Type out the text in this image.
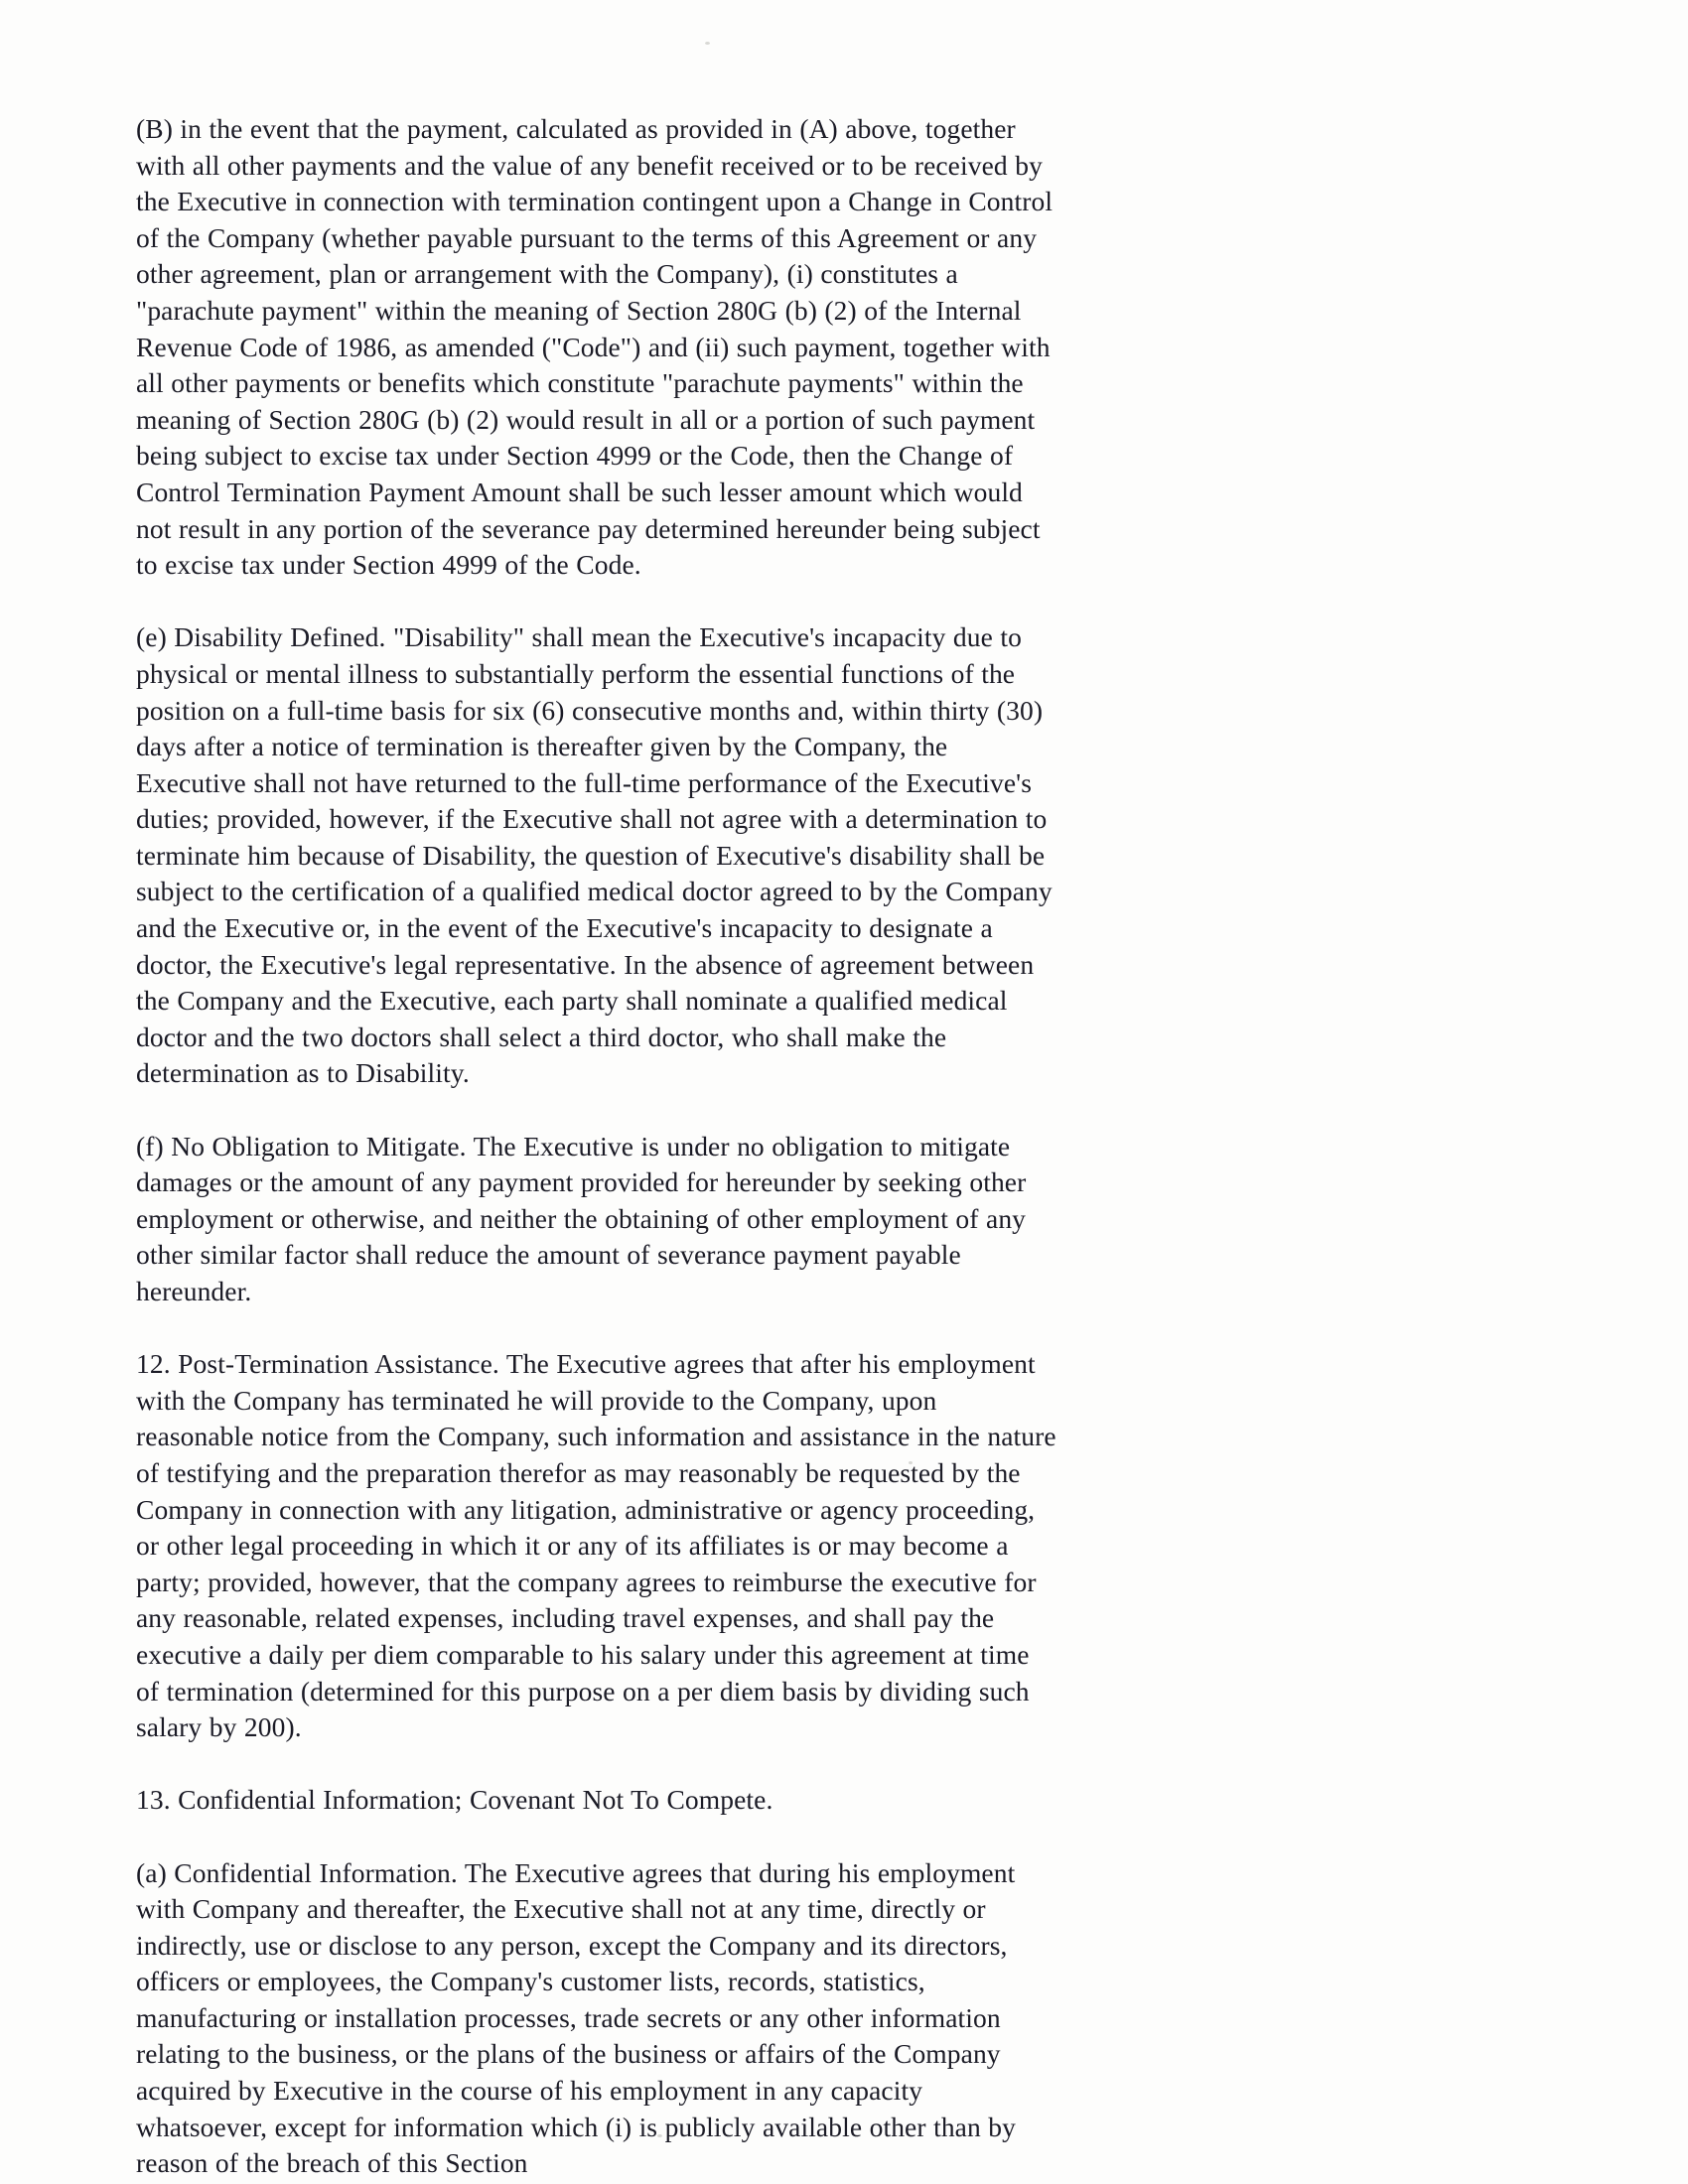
(B) in the event that the payment, calculated as provided in (A) above, together with all other payments and the value of any benefit received or to be received by the Executive in connection with termination contingent upon a Change in Control of the Company (whether payable pursuant to the terms of this Agreement or any other agreement, plan or arrangement with the Company), (i) constitutes a "parachute payment" within the meaning of Section 280G (b) (2) of the Internal Revenue Code of 1986, as amended ("Code") and (ii) such payment, together with all other payments or benefits which constitute "parachute payments" within the meaning of Section 280G (b) (2) would result in all or a portion of such payment being subject to excise tax under Section 4999 or the Code, then the Change of Control Termination Payment Amount shall be such lesser amount which would not result in any portion of the severance pay determined hereunder being subject to excise tax under Section 4999 of the Code.

(e) Disability Defined. "Disability" shall mean the Executive's incapacity due to physical or mental illness to substantially perform the essential functions of the position on a full-time basis for six (6) consecutive months and, within thirty (30) days after a notice of termination is thereafter given by the Company, the Executive shall not have returned to the full-time performance of the Executive's duties; provided, however, if the Executive shall not agree with a determination to terminate him because of Disability, the question of Executive's disability shall be subject to the certification of a qualified medical doctor agreed to by the Company and the Executive or, in the event of the Executive's incapacity to designate a doctor, the Executive's legal representative. In the absence of agreement between the Company and the Executive, each party shall nominate a qualified medical doctor and the two doctors shall select a third doctor, who shall make the determination as to Disability.

(f) No Obligation to Mitigate. The Executive is under no obligation to mitigate damages or the amount of any payment provided for hereunder by seeking other employment or otherwise, and neither the obtaining of other employment of any other similar factor shall reduce the amount of severance payment payable hereunder.

12. Post-Termination Assistance. The Executive agrees that after his employment with the Company has terminated he will provide to the Company, upon reasonable notice from the Company, such information and assistance in the nature of testifying and the preparation therefor as may reasonably be requested by the Company in connection with any litigation, administrative or agency proceeding, or other legal proceeding in which it or any of its affiliates is or may become a party; provided, however, that the company agrees to reimburse the executive for any reasonable, related expenses, including travel expenses, and shall pay the executive a daily per diem comparable to his salary under this agreement at time of termination (determined for this purpose on a per diem basis by dividing such salary by 200).

13. Confidential Information; Covenant Not To Compete.

(a) Confidential Information. The Executive agrees that during his employment with Company and thereafter, the Executive shall not at any time, directly or indirectly, use or disclose to any person, except the Company and its directors, officers or employees, the Company's customer lists, records, statistics, manufacturing or installation processes, trade secrets or any other information relating to the business, or the plans of the business or affairs of the Company acquired by Executive in the course of his employment in any capacity whatsoever, except for information which (i) is publicly available other than by reason of the breach of this Section
